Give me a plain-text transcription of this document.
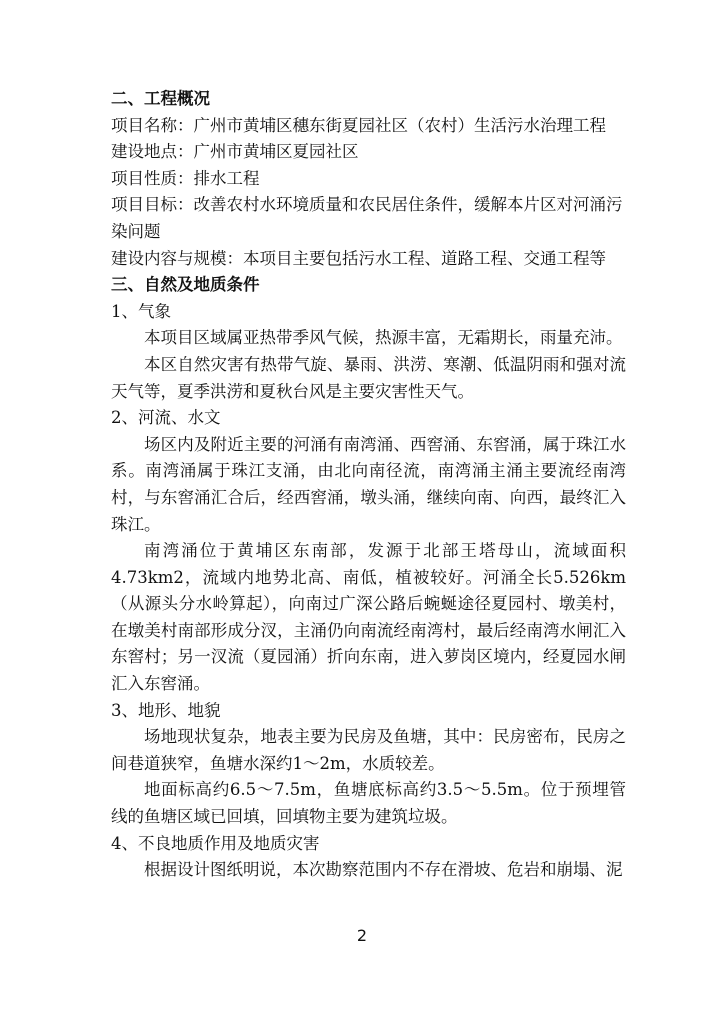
二、工程概况
项目名称：广州市黄埔区穗东街夏园社区（农村）生活污水治理工程
建设地点：广州市黄埔区夏园社区
项目性质：排水工程

项目目标：改善农村水环境质量和农民居住条件，缓解本片区对河涌污染问题

建设内容与规模：本项目主要包括污水工程、道路工程、交通工程等
三、自然及地质条件
1、气象

本项目区域属亚热带季风气候，热源丰富，无霜期长，雨量充沛。

本区自然灾害有热带气旋、暴雨、洪涝、寒潮、低温阴雨和强对流天气等，夏季洪涝和夏秋台风是主要灾害性天气。

2、河流、水文

场区内及附近主要的河涌有南湾涌、西窖涌、东窖涌，属于珠江水系。南湾涌属于珠江支涌，由北向南径流，南湾涌主涌主要流经南湾村，与东窖涌汇合后，经西窖涌，墩头涌，继续向南、向西，最终汇入珠江。

南湾涌位于黄埔区东南部，发源于北部王塔母山，流域面积4.73km2，流域内地势北高、南低，植被较好。河涌全长5.526km（从源头分水岭算起），向南过广深公路后蜿蜒途径夏园村、墩美村，在墩美村南部形成分汊，主涌仍向南流经南湾村，最后经南湾水闸汇入东窖村；另一汊流（夏园涌）折向东南，进入萝岗区境内，经夏园水闸汇入东窖涌。

3、地形、地貌

场地现状复杂，地表主要为民房及鱼塘，其中：民房密布，民房之间巷道狭窄，鱼塘水深约1～2m，水质较差。

地面标高约6.5～7.5m，鱼塘底标高约3.5～5.5m。位于预埋管线的鱼塘区域已回填，回填物主要为建筑垃圾。

4、不良地质作用及地质灾害
根据设计图纸明说，本次勘察范围内不存在滑坡、危岩和崩塌、泥
2
